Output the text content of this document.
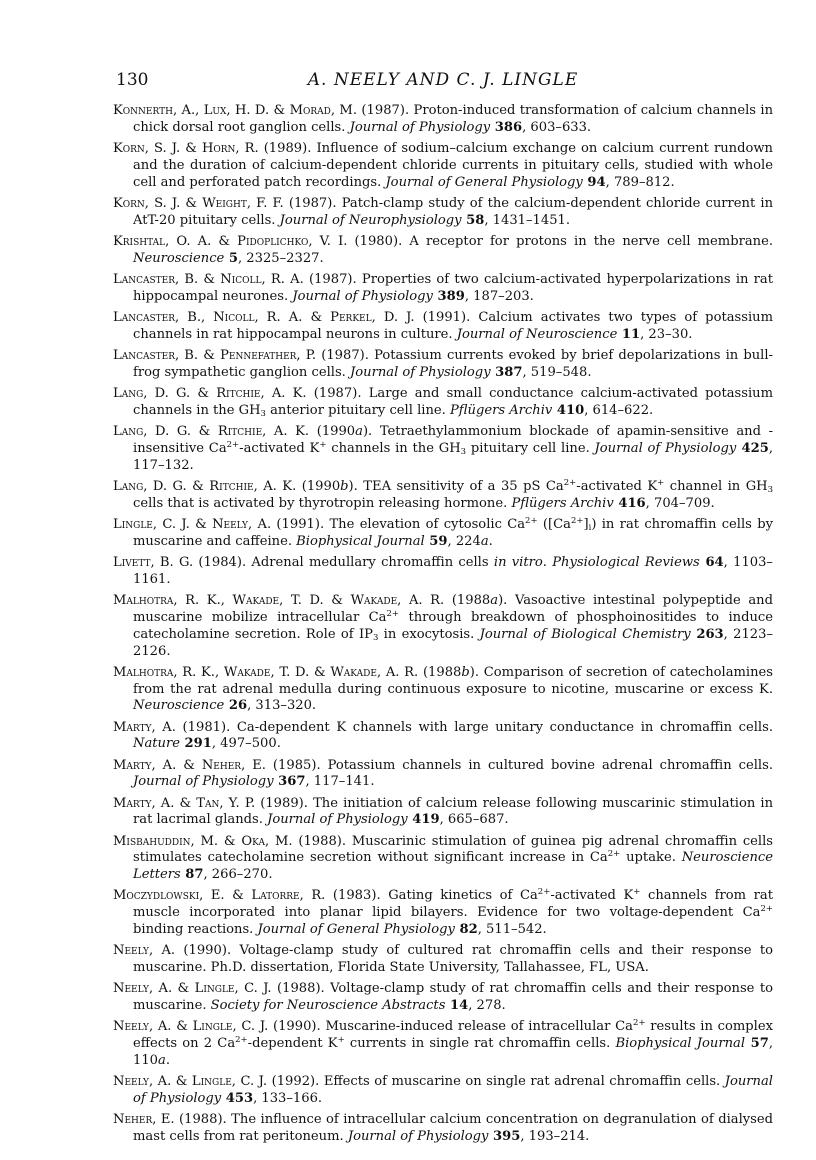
130	A. NEELY AND C. J. LINGLE

Konnerth, A., Lux, H. D. & Morad, M. (1987). Proton-induced transformation of calcium channels in chick dorsal root ganglion cells. Journal of Physiology 386, 603–633.

Korn, S. J. & Horn, R. (1989). Influence of sodium–calcium exchange on calcium current rundown and the duration of calcium-dependent chloride currents in pituitary cells, studied with whole cell and perforated patch recordings. Journal of General Physiology 94, 789–812.

Korn, S. J. & Weight, F. F. (1987). Patch-clamp study of the calcium-dependent chloride current in AtT-20 pituitary cells. Journal of Neurophysiology 58, 1431–1451.

Krishtal, O. A. & Pidoplichko, V. I. (1980). A receptor for protons in the nerve cell membrane. Neuroscience 5, 2325–2327.

Lancaster, B. & Nicoll, R. A. (1987). Properties of two calcium-activated hyperpolarizations in rat hippocampal neurones. Journal of Physiology 389, 187–203.

Lancaster, B., Nicoll, R. A. & Perkel, D. J. (1991). Calcium activates two types of potassium channels in rat hippocampal neurons in culture. Journal of Neuroscience 11, 23–30.

Lancaster, B. & Pennefather, P. (1987). Potassium currents evoked by brief depolarizations in bull-frog sympathetic ganglion cells. Journal of Physiology 387, 519–548.

Lang, D. G. & Ritchie, A. K. (1987). Large and small conductance calcium-activated potassium channels in the $GH_3$ anterior pituitary cell line. Pflügers Archiv 410, 614–622.

Lang, D. G. & Ritchie, A. K. (1990a). Tetraethylammonium blockade of apamin-sensitive and -insensitive $Ca^{2+}$-activated K+ channels in the $GH_3$ pituitary cell line. Journal of Physiology 425, 117–132.

Lang, D. G. & Ritchie, A. K. (1990b). TEA sensitivity of a 35 pS $Ca^{2+}$-activated K+ channel in $GH_3$ cells that is activated by thyrotropin releasing hormone. Pflügers Archiv 416, 704–709.

Lingle, C. J. & Neely, A. (1991). The elevation of cytosolic $Ca^{2+}$ $([Ca^{2+}]_i)$ in rat chromaffin cells by muscarine and caffeine. Biophysical Journal 59, 224a.

Livett, B. G. (1984). Adrenal medullary chromaffin cells in vitro. Physiological Reviews 64, 1103–1161.

Malhotra, R. K., Wakade, T. D. & Wakade, A. R. (1988a). Vasoactive intestinal polypeptide and muscarine mobilize intracellular $Ca^{2+}$ through breakdown of phosphoinositides to induce catecholamine secretion. Role of $IP_3$ in exocytosis. Journal of Biological Chemistry 263, 2123–2126.

Malhotra, R. K., Wakade, T. D. & Wakade, A. R. (1988b). Comparison of secretion of catecholamines from the rat adrenal medulla during continuous exposure to nicotine, muscarine or excess K. Neuroscience 26, 313–320.

Marty, A. (1981). Ca-dependent K channels with large unitary conductance in chromaffin cells. Nature 291, 497–500.

Marty, A. & Neher, E. (1985). Potassium channels in cultured bovine adrenal chromaffin cells. Journal of Physiology 367, 117–141.

Marty, A. & Tan, Y. P. (1989). The initiation of calcium release following muscarinic stimulation in rat lacrimal glands. Journal of Physiology 419, 665–687.

Misbahuddin, M. & Oka, M. (1988). Muscarinic stimulation of guinea pig adrenal chromaffin cells stimulates catecholamine secretion without significant increase in $Ca^{2+}$ uptake. Neuroscience Letters 87, 266–270.

Moczydlowski, E. & Latorre, R. (1983). Gating kinetics of $Ca^{2+}$-activated K+ channels from rat muscle incorporated into planar lipid bilayers. Evidence for two voltage-dependent $Ca^{2+}$ binding reactions. Journal of General Physiology 82, 511–542.

Neely, A. (1990). Voltage-clamp study of cultured rat chromaffin cells and their response to muscarine. Ph.D. dissertation, Florida State University, Tallahassee, FL, USA.

Neely, A. & Lingle, C. J. (1988). Voltage-clamp study of rat chromaffin cells and their response to muscarine. Society for Neuroscience Abstracts 14, 278.

Neely, A. & Lingle, C. J. (1990). Muscarine-induced release of intracellular $Ca^{2+}$ results in complex effects on 2 $Ca^{2+}$-dependent K+ currents in single rat chromaffin cells. Biophysical Journal 57, 110a.

Neely, A. & Lingle, C. J. (1992). Effects of muscarine on single rat adrenal chromaffin cells. Journal of Physiology 453, 133–166.

Neher, E. (1988). The influence of intracellular calcium concentration on degranulation of dialysed mast cells from rat peritoneum. Journal of Physiology 395, 193–214.
